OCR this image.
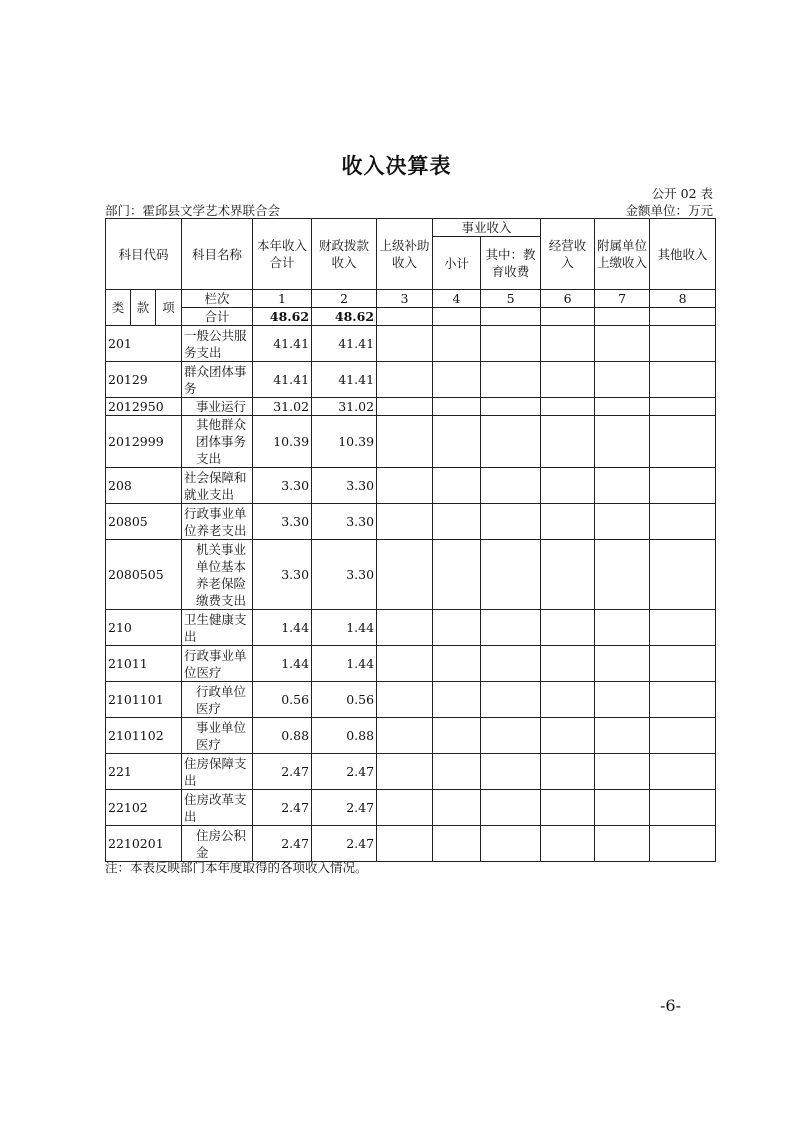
收入决算表
公开 02 表
部门：霍邱县文学艺术界联合会	金额单位：万元
科目代码			科目名称	本年收入合计	财政拨款收入	上级补助收入	事业收入		经营收入	附属单位上缴收入	其他收入
							小计	其中：教育收费			
类	款	项	栏次	1	2	3	4	5	6	7	8
			合计	48.62	48.62						
201			一般公共服务支出	41.41	41.41						
20129			群众团体事务	41.41	41.41						
2012950			事业运行	31.02	31.02						
2012999			其他群众团体事务支出	10.39	10.39						
208			社会保障和就业支出	3.30	3.30						
20805			行政事业单位养老支出	3.30	3.30						
2080505			机关事业单位基本养老保险缴费支出	3.30	3.30						
210			卫生健康支出	1.44	1.44						
21011			行政事业单位医疗	1.44	1.44						
2101101			行政单位医疗	0.56	0.56						
2101102			事业单位医疗	0.88	0.88						
221			住房保障支出	2.47	2.47						
22102			住房改革支出	2.47	2.47						
2210201			住房公积金	2.47	2.47						
注：本表反映部门本年度取得的各项收入情况。
-6-
